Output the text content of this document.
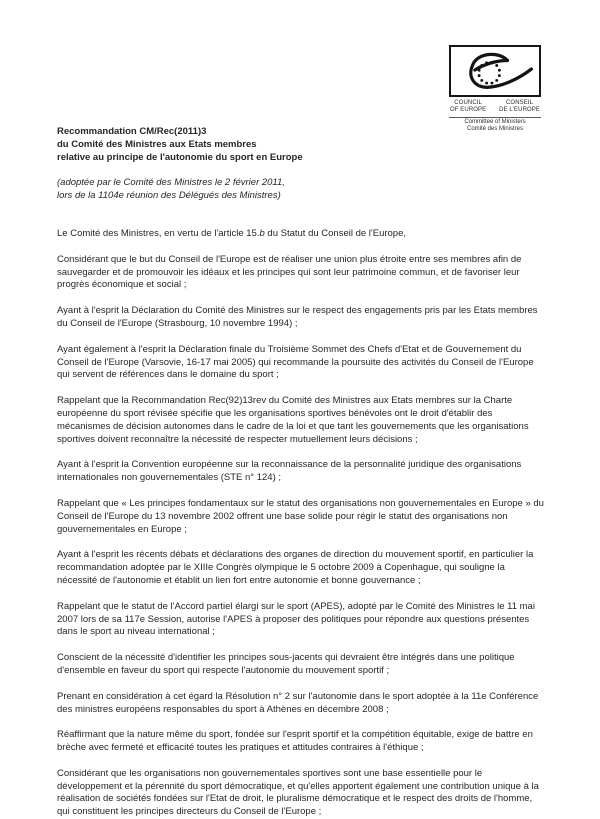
COUNCIL
OF EUROPE
CONSEIL
DE L'EUROPE
Committee of Ministers
Comité des Ministres
Recommandation CM/Rec(2011)3
du Comité des Ministres aux Etats membres
relative au principe de l'autonomie du sport en Europe
(adoptée par le Comité des Ministres le 2 février 2011,
lors de la 1104e réunion des Délégués des Ministres)

Le Comité des Ministres, en vertu de l'article 15.b du Statut du Conseil de l'Europe,

Considérant que le but du Conseil de l'Europe est de réaliser une union plus étroite entre ses membres afin de sauvegarder et de promouvoir les idéaux et les principes qui sont leur patrimoine commun, et de favoriser leur progrès économique et social ;

Ayant à l'esprit la Déclaration du Comité des Ministres sur le respect des engagements pris par les Etats membres du Conseil de l'Europe (Strasbourg, 10 novembre 1994) ;

Ayant également à l'esprit la Déclaration finale du Troisième Sommet des Chefs d'Etat et de Gouvernement du Conseil de l'Europe (Varsovie, 16-17 mai 2005) qui recommande la poursuite des activités du Conseil de l'Europe qui servent de références dans le domaine du sport ;

Rappelant que la Recommandation Rec(92)13rev du Comité des Ministres aux Etats membres sur la Charte européenne du sport révisée spécifie que les organisations sportives bénévoles ont le droit d'établir des mécanismes de décision autonomes dans le cadre de la loi et que tant les gouvernements que les organisations sportives doivent reconnaître la nécessité de respecter mutuellement leurs décisions ;

Ayant à l'esprit la Convention européenne sur la reconnaissance de la personnalité juridique des organisations internationales non gouvernementales (STE n° 124) ;

Rappelant que « Les principes fondamentaux sur le statut des organisations non gouvernementales en Europe » du Conseil de l'Europe du 13 novembre 2002 offrent une base solide pour régir le statut des organisations non gouvernementales en Europe ;

Ayant à l'esprit les récents débats et déclarations des organes de direction du mouvement sportif, en particulier la recommandation adoptée par le XIIIe Congrès olympique le 5 octobre 2009 à Copenhague, qui souligne la nécessité de l'autonomie et établit un lien fort entre autonomie et bonne gouvernance ;

Rappelant que le statut de l'Accord partiel élargi sur le sport (APES), adopté par le Comité des Ministres le 11 mai 2007 lors de sa 117e Session, autorise l'APES à proposer des politiques pour répondre aux questions présentes dans le sport au niveau international ;

Conscient de la nécessité d'identifier les principes sous-jacents qui devraient être intégrés dans une politique d'ensemble en faveur du sport qui respecte l'autonomie du mouvement sportif ;

Prenant en considération à cet égard la Résolution n° 2 sur l'autonomie dans le sport adoptée à la 11e Conférence des ministres européens responsables du sport à Athènes en décembre 2008 ;

Réaffirmant que la nature même du sport, fondée sur l'esprit sportif et la compétition équitable, exige de battre en brèche avec fermeté et efficacité toutes les pratiques et attitudes contraires à l'éthique ;

Considérant que les organisations non gouvernementales sportives sont une base essentielle pour le développement et la pérennité du sport démocratique, et qu'elles apportent également une contribution unique à la réalisation de sociétés fondées sur l'Etat de droit, le pluralisme démocratique et le respect des droits de l'homme, qui constituent les principes directeurs du Conseil de l'Europe ;
